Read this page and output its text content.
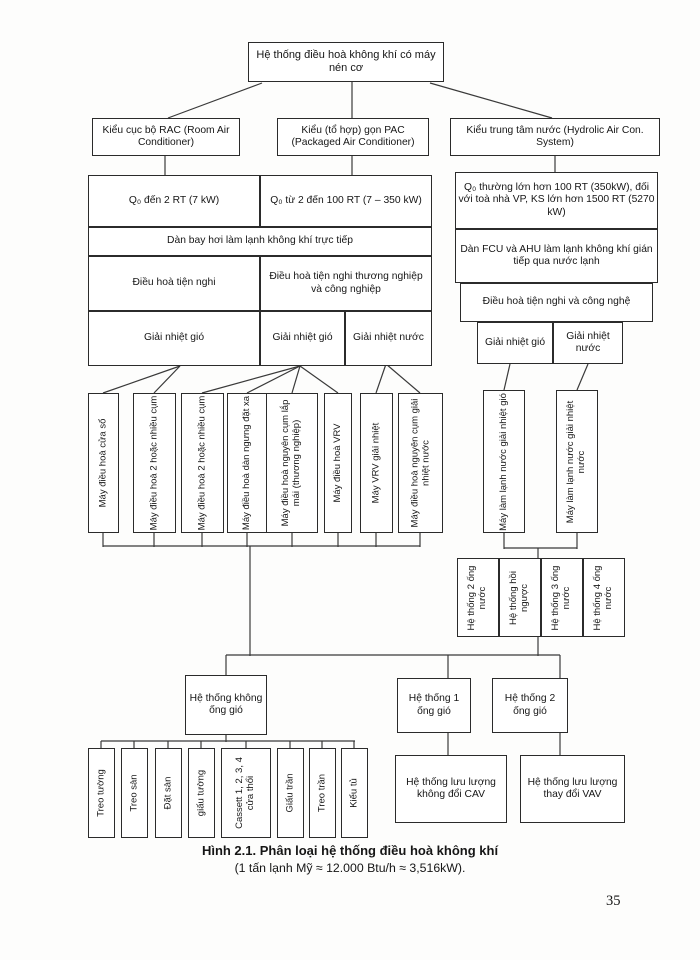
Hệ thống điều hoà không khí có máy nén cơ
Kiểu cục bộ RAC (Room Air Conditioner)
Kiểu (tổ hợp) gọn PAC (Packaged Air Conditioner)
Kiểu trung tâm nước (Hydrolic Air Con. System)
Q₀ đến 2 RT (7 kW)	Q₀ từ 2 đến 100 RT (7 – 350 kW)
Dàn bay hơi làm lạnh không khí trực tiếp
Điều hoà tiện nghi
Điều hoà tiện nghi thương nghiệp và công nghiệp
Giải nhiệt gió	Giải nhiệt gió	Giải nhiệt nước
Q₀ thường lớn hơn 100 RT (350kW), đối với toà nhà VP, KS lớn hơn 1500 RT (5270 kW)
Dàn FCU và AHU làm lạnh không khí gián tiếp qua nước lạnh
Điều hoà tiện nghi và công nghệ
Giải nhiệt gió
Giải nhiệt nước
Máy điều hoà cửa sổ	Máy điều hoà 2 hoặc nhiều cụm	Máy điều hoà 2 hoặc nhiều cụm	Máy điều hoà dàn ngưng đặt xa	Máy điều hoà nguyên cụm lắp mái (thương nghiệp)	Máy điều hoà VRV	Máy VRV giải nhiệt	Máy điều hoà nguyên cụm giải nhiệt nước	Máy làm lạnh nước giải nhiệt gió	Máy làm lạnh nước giải nhiệt nước
Hệ thống 2 ống nước	Hệ thống hồi ngược	Hệ thống 3 ống nước	Hệ thống 4 ống nước
Hệ thống không ống gió
Hệ thống 1 ống gió
Hệ thống 2 ống gió
Treo tường	Treo sàn	Đặt sàn	giấu tường	Cassett 1, 2, 3, 4 cửa thổi	Giấu trần	Treo trần	Kiểu tủ	Hệ thống lưu lượng không đổi CAV
Hệ thống lưu lượng thay đổi VAV
Hình 2.1. Phân loại hệ thống điều hoà không khí
(1 tấn lạnh Mỹ ≈ 12.000 Btu/h ≈ 3,516kW).
35
